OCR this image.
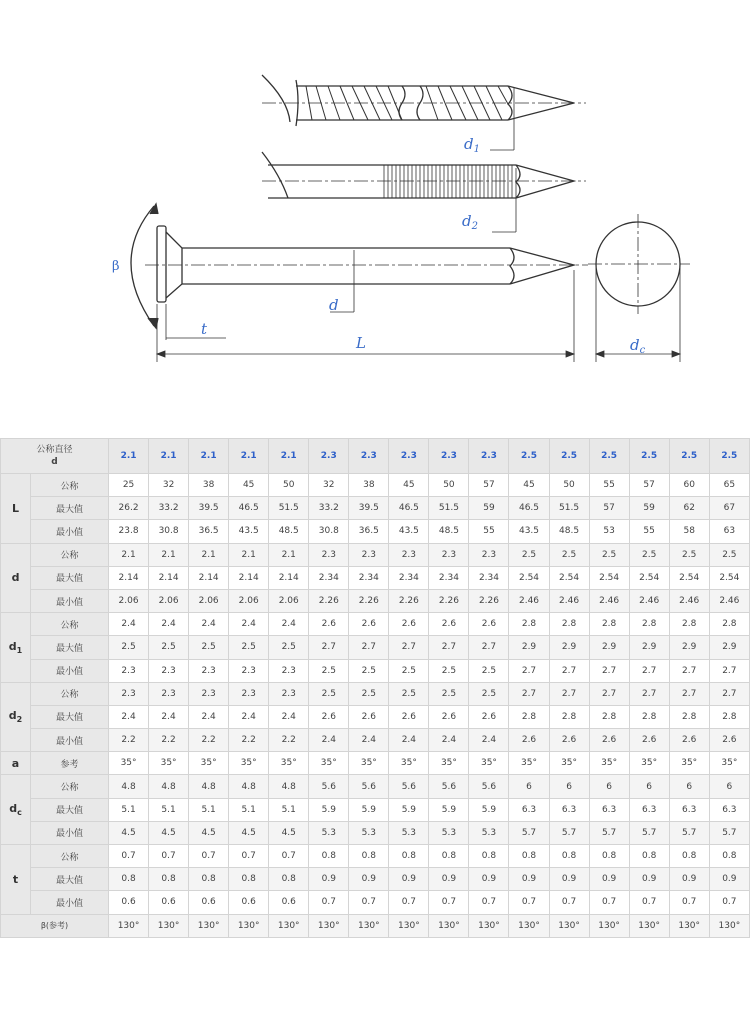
$d_1$
$d_2$
β
d
t
L	$d_c$
公称直径
d		2.1	2.1	2.1	2.1	2.1	2.3	2.3	2.3	2.3	2.3	2.5	2.5	2.5	2.5	2.5	2.5
L	公称	25	32	38	45	50	32	38	45	50	57	45	50	55	57	60	65
	最大值	26.2	33.2	39.5	46.5	51.5	33.2	39.5	46.5	51.5	59	46.5	51.5	57	59	62	67
	最小值	23.8	30.8	36.5	43.5	48.5	30.8	36.5	43.5	48.5	55	43.5	48.5	53	55	58	63
d	公称	2.1	2.1	2.1	2.1	2.1	2.3	2.3	2.3	2.3	2.3	2.5	2.5	2.5	2.5	2.5	2.5
	最大值	2.14	2.14	2.14	2.14	2.14	2.34	2.34	2.34	2.34	2.34	2.54	2.54	2.54	2.54	2.54	2.54
	最小值	2.06	2.06	2.06	2.06	2.06	2.26	2.26	2.26	2.26	2.26	2.46	2.46	2.46	2.46	2.46	2.46
$d_1$	公称	2.4	2.4	2.4	2.4	2.4	2.6	2.6	2.6	2.6	2.6	2.8	2.8	2.8	2.8	2.8	2.8
	最大值	2.5	2.5	2.5	2.5	2.5	2.7	2.7	2.7	2.7	2.7	2.9	2.9	2.9	2.9	2.9	2.9
	最小值	2.3	2.3	2.3	2.3	2.3	2.5	2.5	2.5	2.5	2.5	2.7	2.7	2.7	2.7	2.7	2.7
$d_2$	公称	2.3	2.3	2.3	2.3	2.3	2.5	2.5	2.5	2.5	2.5	2.7	2.7	2.7	2.7	2.7	2.7
	最大值	2.4	2.4	2.4	2.4	2.4	2.6	2.6	2.6	2.6	2.6	2.8	2.8	2.8	2.8	2.8	2.8
	最小值	2.2	2.2	2.2	2.2	2.2	2.4	2.4	2.4	2.4	2.4	2.6	2.6	2.6	2.6	2.6	2.6
a	参考	35°	35°	35°	35°	35°	35°	35°	35°	35°	35°	35°	35°	35°	35°	35°	35°
$d_c$	公称	4.8	4.8	4.8	4.8	4.8	5.6	5.6	5.6	5.6	5.6	6	6	6	6	6	6
	最大值	5.1	5.1	5.1	5.1	5.1	5.9	5.9	5.9	5.9	5.9	6.3	6.3	6.3	6.3	6.3	6.3
	最小值	4.5	4.5	4.5	4.5	4.5	5.3	5.3	5.3	5.3	5.3	5.7	5.7	5.7	5.7	5.7	5.7
t	公称	0.7	0.7	0.7	0.7	0.7	0.8	0.8	0.8	0.8	0.8	0.8	0.8	0.8	0.8	0.8	0.8
	最大值	0.8	0.8	0.8	0.8	0.8	0.9	0.9	0.9	0.9	0.9	0.9	0.9	0.9	0.9	0.9	0.9
	最小值	0.6	0.6	0.6	0.6	0.6	0.7	0.7	0.7	0.7	0.7	0.7	0.7	0.7	0.7	0.7	0.7
β(参考)		130°	130°	130°	130°	130°	130°	130°	130°	130°	130°	130°	130°	130°	130°	130°	130°
